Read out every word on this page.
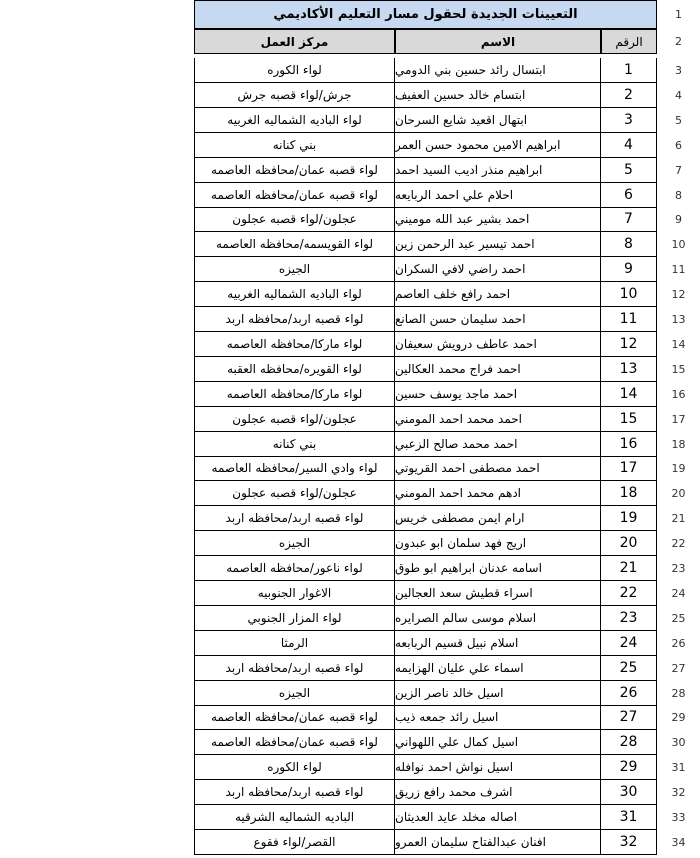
التعيينات الجديدة لحقول مسار التعليم الأكاديمي	1
مركز العمل	الاسم	الرقم	2
لواء الكوره	ابتسال رائد حسين بني الدومي	1	3
جرش/لواء قصبه جرش	ابتسام خالد حسين العفيف	2	4
لواء الباديه الشماليه الغربيه	ابتهال اقعيد شايع السرحان	3	5
بني كنانه	ابراهيم الامين محمود حسن العمر	4	6
لواء قصبه عمان/محافظه العاصمه	ابراهيم منذر اديب السيد احمد	5	7
لواء قصبه عمان/محافظه العاصمه	احلام علي احمد الربايعه	6	8
عجلون/لواء قصبه عجلون	احمد بشير عبد الله موميني	7	9
لواء القويسمه/محافظه العاصمه	احمد تيسير عبد الرحمن زين	8	10
الجيزه	احمد راضي لافي السكران	9	11
لواء الباديه الشماليه الغربيه	احمد رافع خلف العاصم	10	12
لواء قصبه اربد/محافظه اربد	احمد سليمان حسن الصانع	11	13
لواء ماركا/محافظه العاصمه	احمد عاطف درويش سعيفان	12	14
لواء القويره/محافظه العقبه	احمد فراج محمد العكالين	13	15
لواء ماركا/محافظه العاصمه	احمد ماجد يوسف حسين	14	16
عجلون/لواء قصبه عجلون	احمد محمد احمد المومني	15	17
بني كنانه	احمد محمد صالح الزعبي	16	18
لواء وادي السير/محافظه العاصمه	احمد مصطفى احمد القريوتي	17	19
عجلون/لواء قصبه عجلون	ادهم محمد احمد المومني	18	20
لواء قصبه اربد/محافظه اربد	ارام ايمن مصطفى خريس	19	21
الجيزه	اريج فهد سلمان ابو عبدون	20	22
لواء ناعور/محافظه العاصمه	اسامه عدنان ابراهيم ابو طوق	21	23
الاغوار الجنوبيه	اسراء قطيش سعد العجالين	22	24
لواء المزار الجنوبي	اسلام موسى سالم الصرايره	23	25
الرمثا	اسلام نبيل قسيم الربابعه	24	26
لواء قصبه اربد/محافظه اربد	اسماء علي عليان الهزايمه	25	27
الجيزه	اسيل خالد ناصر الزين	26	28
لواء قصبه عمان/محافظه العاصمه	اسيل رائد جمعه ذيب	27	29
لواء قصبه عمان/محافظه العاصمه	اسيل كمال علي اللهواني	28	30
لواء الكوره	اسيل نواش احمد نوافله	29	31
لواء قصبه اربد/محافظه اربد	اشرف محمد رافع زريق	30	32
الباديه الشماليه الشرقيه	اصاله مخلد عايد العديثان	31	33
القصر/لواء فقوع	افنان عبدالفتاح سليمان العمرو	32	34
